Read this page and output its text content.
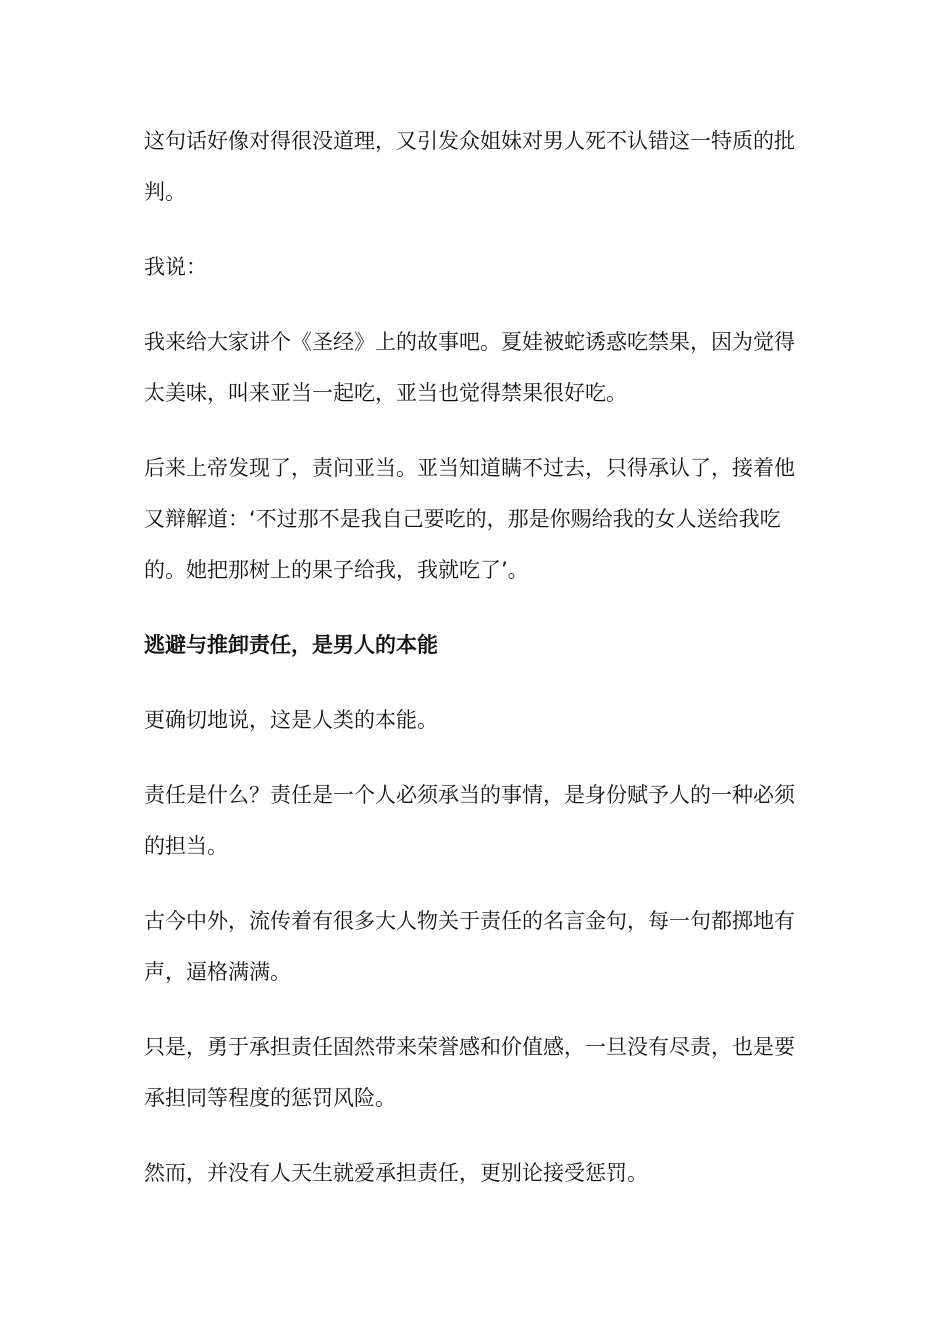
这句话好像对得很没道理，又引发众姐妹对男人死不认错这一特质的批判。

我说：

我来给大家讲个《圣经》上的故事吧。夏娃被蛇诱惑吃禁果，因为觉得太美味，叫来亚当一起吃，亚当也觉得禁果很好吃。

后来上帝发现了，责问亚当。亚当知道瞒不过去，只得承认了，接着他又辩解道：‘不过那不是我自己要吃的，那是你赐给我的女人送给我吃的。她把那树上的果子给我，我就吃了’。

逃避与推卸责任，是男人的本能

更确切地说，这是人类的本能。

责任是什么？责任是一个人必须承当的事情，是身份赋予人的一种必须的担当。

古今中外，流传着有很多大人物关于责任的名言金句，每一句都掷地有声，逼格满满。

只是，勇于承担责任固然带来荣誉感和价值感，一旦没有尽责，也是要承担同等程度的惩罚风险。

然而，并没有人天生就爱承担责任，更别论接受惩罚。
